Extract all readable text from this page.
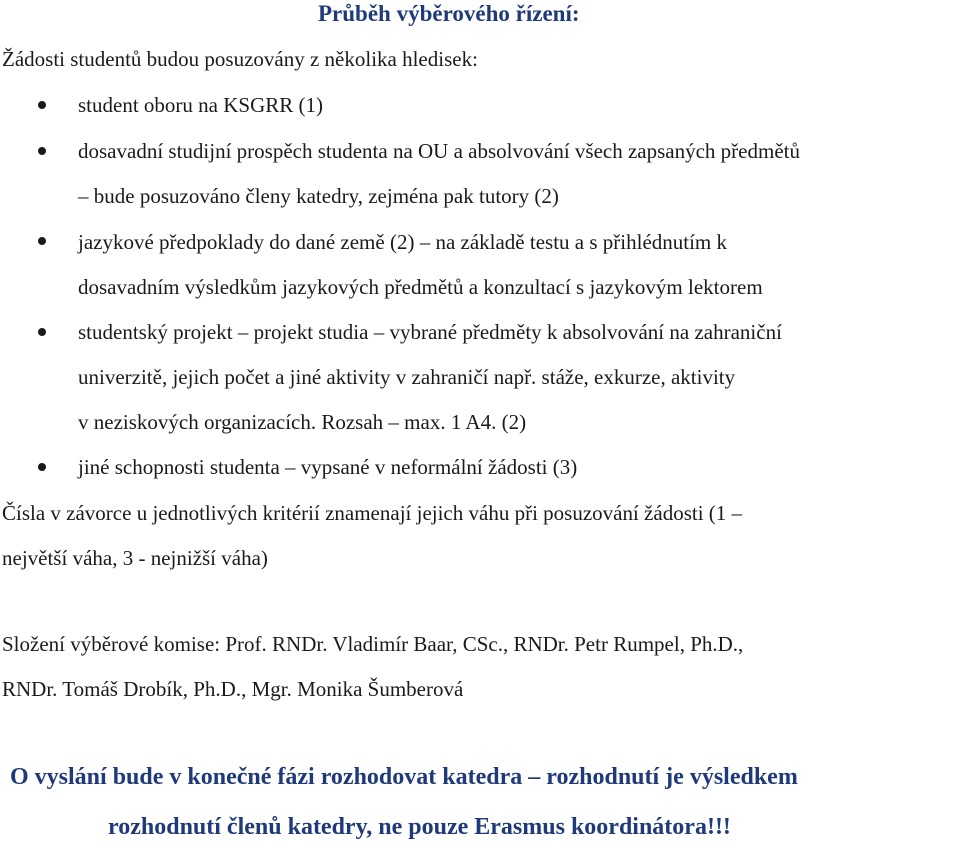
Průběh výběrového řízení:
Žádosti studentů budou posuzovány z několika hledisek:
student oboru na KSGRR (1)
dosavadní studijní prospěch studenta na OU a absolvování všech zapsaných předmětů
– bude posuzováno členy katedry, zejména pak tutory (2)
jazykové předpoklady do dané země (2) – na základě testu a s přihlédnutím k
dosavadním výsledkům jazykových předmětů a konzultací s jazykovým lektorem
studentský projekt – projekt studia – vybrané předměty k absolvování na zahraniční
univerzitě, jejich počet a jiné aktivity v zahraničí např. stáže, exkurze, aktivity
v neziskových organizacích. Rozsah – max. 1 A4. (2)
jiné schopnosti studenta – vypsané v neformální žádosti (3)
Čísla v závorce u jednotlivých kritérií znamenají jejich váhu při posuzování žádosti (1 –
největší váha, 3 - nejnižší váha)
Složení výběrové komise: Prof. RNDr. Vladimír Baar, CSc., RNDr. Petr Rumpel, Ph.D.,
RNDr. Tomáš Drobík, Ph.D., Mgr. Monika Šumberová
O vyslání bude v konečné fázi rozhodovat katedra – rozhodnutí je výsledkem
rozhodnutí členů katedry, ne pouze Erasmus koordinátora!!!
